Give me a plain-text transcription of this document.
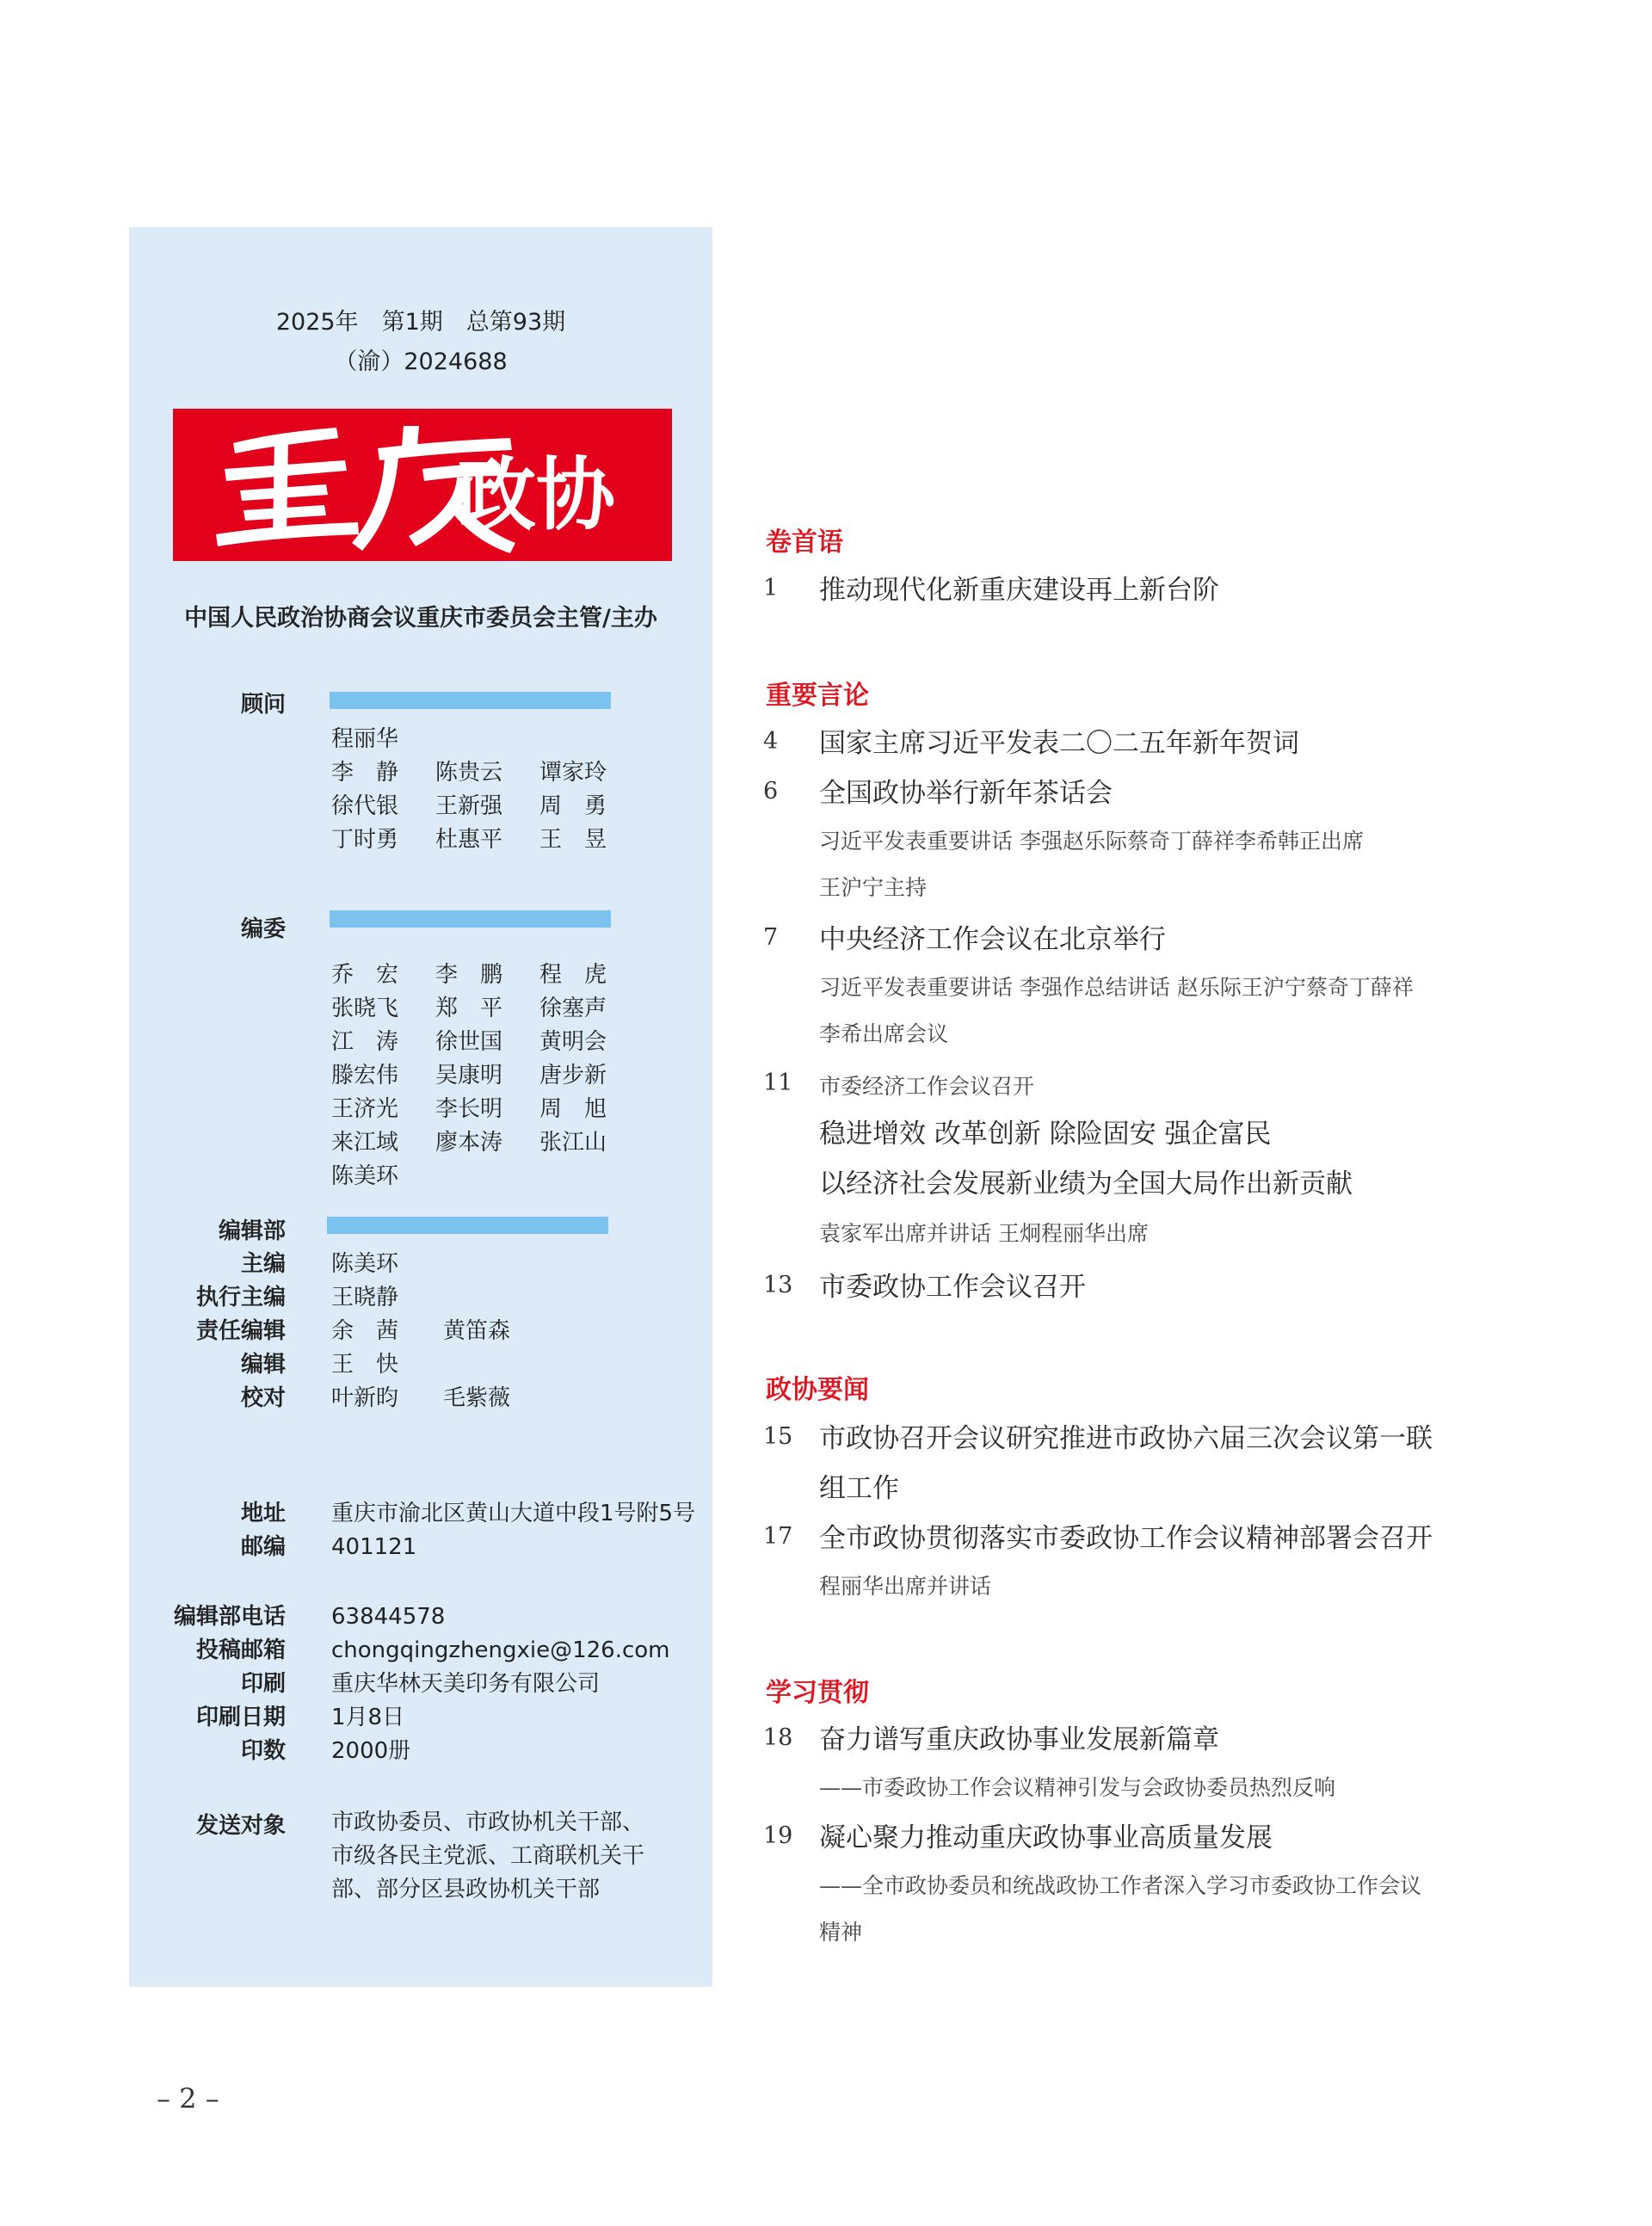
2025年　第1期　总第93期
（渝）2024688
政协
中国人民政治协商会议重庆市委员会主管/主办
顾问
程丽华
李　静 陈贵云 谭家玲
徐代银 王新强 周　勇
丁时勇 杜惠平 王　昱
编委
乔　宏 李　鹏 程　虎
张晓飞 郑　平 徐塞声
江　涛 徐世国 黄明会
滕宏伟 吴康明 唐步新
王济光 李长明 周　旭
来江域 廖本涛 张江山
陈美环
编辑部
主编 陈美环
执行主编 王晓静
责任编辑 余　茜　　黄笛森
编辑 王　快
校对 叶新昀　　毛紫薇
地址 重庆市渝北区黄山大道中段1号附5号
邮编 401121
编辑部电话 63844578
投稿邮箱 chongqingzhengxie@126.com
印刷 重庆华林天美印务有限公司
印刷日期 1月8日
印数 2000册
发送对象 市政协委员、市政协机关干部、
市级各民主党派、工商联机关干
部、部分区县政协机关干部
卷首语
1	推动现代化新重庆建设再上新台阶
重要言论
4	国家主席习近平发表二〇二五年新年贺词
6	全国政协举行新年茶话会
习近平发表重要讲话 李强赵乐际蔡奇丁薛祥李希韩正出席
王沪宁主持
7	中央经济工作会议在北京举行
习近平发表重要讲话 李强作总结讲话 赵乐际王沪宁蔡奇丁薛祥
李希出席会议
11	市委经济工作会议召开
稳进增效 改革创新 除险固安 强企富民
以经济社会发展新业绩为全国大局作出新贡献
袁家军出席并讲话 王炯程丽华出席
13 市委政协工作会议召开
政协要闻
15 市政协召开会议研究推进市政协六届三次会议第一联
组工作
17 全市政协贯彻落实市委政协工作会议精神部署会召开
程丽华出席并讲话
学习贯彻
18 奋力谱写重庆政协事业发展新篇章
——市委政协工作会议精神引发与会政协委员热烈反响
19 凝心聚力推动重庆政协事业高质量发展
——全市政协委员和统战政协工作者深入学习市委政协工作会议
精神
– 2 –
